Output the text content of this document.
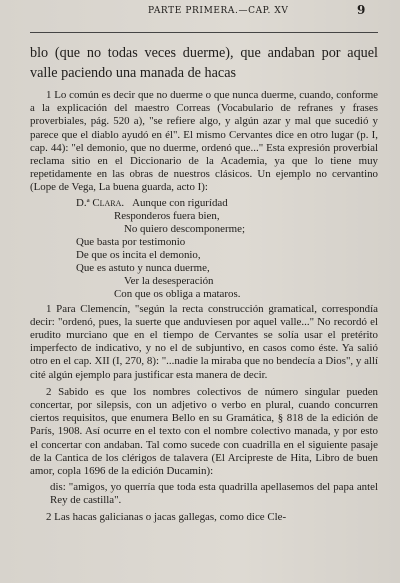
PARTE PRIMERA.—CAP. XV	9

blo (que no todas veces duerme), que andaban por aquel valle paciendo una manada de hacas

1 Lo común es decir que no duerme o que nunca duerme, cuando, conforme a la explicación del maestro Correas (Vocabulario de refranes y frases proverbiales, pág. 520 a), "se refiere algo, y algún azar y mal que sucedió y parece que el diablo ayudó en él". El mismo Cervantes dice en otro lugar (p. I, cap. 44): "el demonio, que no duerme, ordenó que..." Esta expresión proverbial reclama sitio en el Diccionario de la Academia, ya que lo tiene muy repetidamente en las obras de nuestros clásicos. Un ejemplo no cervantino (Lope de Vega, La buena guarda, acto I):

D.ª Clara. Aunque con rigurídad
Responderos fuera bien,
No quiero descomponerme;
Que basta por testimonio
De que os incita el demonio,
Que es astuto y nunca duerme,
Ver la desesperación
Con que os obliga a mataros.

1 Para Clemencín, "según la recta construcción gramatical, correspondía decir: "ordenó, pues, la suerte que anduviesen por aquel valle..." No recordó el erudito murciano que en el tiempo de Cervantes se solía usar el pretérito imperfecto de indicativo, y no el de subjuntivo, en casos como éste. Ya salió otro en el cap. XII (I, 270, 8): "...nadie la miraba que no bendecía a Dios", y allí cité algún ejemplo para justificar esta manera de decir.

2 Sabido es que los nombres colectivos de número singular pueden concertar, por silepsis, con un adjetivo o verbo en plural, cuando concurren ciertos requisitos, que enumera Bello en su Gramática, § 818 de la edición de París, 1908. Así ocurre en el texto con el nombre colectivo manada, y por esto el concertar con andaban. Tal como sucede con cuadrilla en el siguiente pasaje de la Cantica de los clérigos de talavera (El Arcipreste de Hita, Libro de buen amor, copla 1696 de la edición Ducamin):

dis: "amigos, yo querría que toda esta quadrilla apellasemos del papa antel Rey de castilla".

2 Las hacas galicianas o jacas gallegas, como dice Cle-
